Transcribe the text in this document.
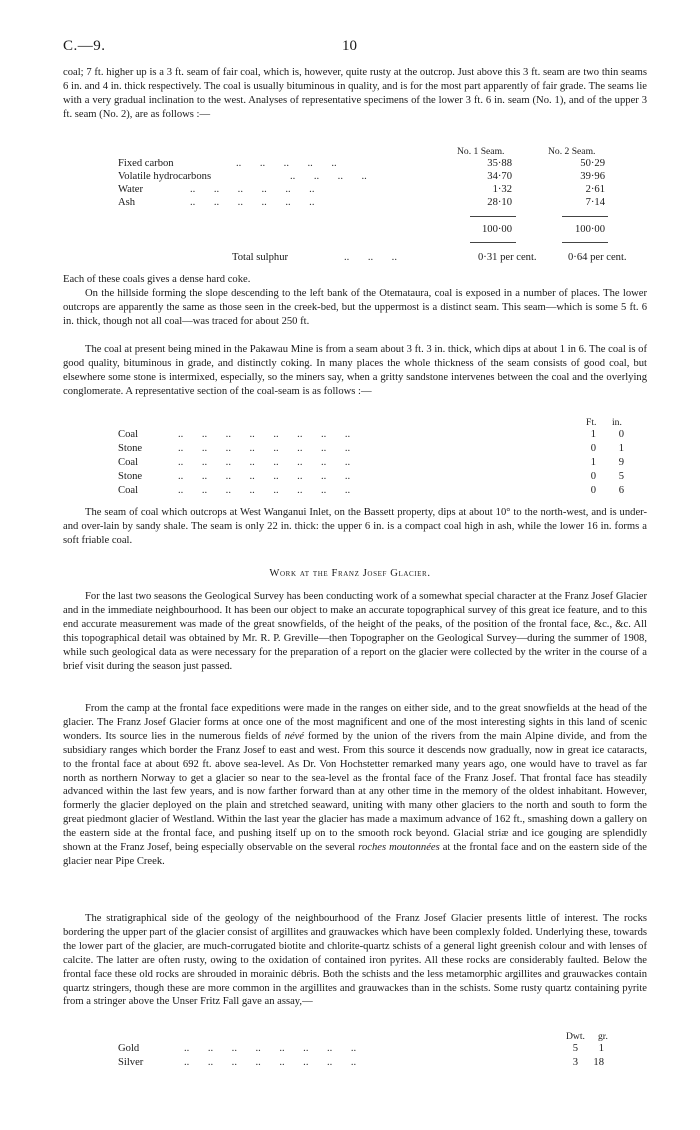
C.—9.	10

coal; 7 ft. higher up is a 3 ft. seam of fair coal, which is, however, quite rusty at the outcrop. Just above this 3 ft. seam are two thin seams 6 in. and 4 in. thick respectively. The coal is usually bituminous in quality, and is for the most part apparently of fair grade. The seams lie with a very gradual inclination to the west. Analyses of representative specimens of the lower 3 ft. 6 in. seam (No. 1), and of the upper 3 ft. seam (No. 2), are as follows :—

No. 1 Seam.	No. 2 Seam.
Fixed carbon	..       ..       ..       ..       ..	35·88	50·29
Volatile hydrocarbons	..       ..       ..       ..	34·70	39·96
Water	..       ..       ..       ..       ..       ..	1·32	2·61
Ash	..       ..       ..       ..       ..       ..	28·10	7·14
100·00	100·00
Total sulphur	..       ..       ..	0·31 per cent.	0·64 per cent.

Each of these coals gives a dense hard coke.

On the hillside forming the slope descending to the left bank of the Otemataura, coal is exposed in a number of places. The lower outcrops are apparently the same as those seen in the creek-bed, but the uppermost is a distinct seam. This seam—which is some 5 ft. 6 in. thick, though not all coal—was traced for about 250 ft.

The coal at present being mined in the Pakawau Mine is from a seam about 3 ft. 3 in. thick, which dips at about 1 in 6. The coal is of good quality, bituminous in grade, and distinctly coking. In many places the whole thickness of the seam consists of good coal, but elsewhere some stone is intermixed, especially, so the miners say, when a gritty sandstone intervenes between the coal and the overlying conglomerate. A representative section of the coal-seam is as follows :—

Ft. in.
Coal	..       ..       ..       ..       ..       ..       ..       ..	1	0
Stone	..       ..       ..       ..       ..       ..       ..       ..	0	1
Coal	..       ..       ..       ..       ..       ..       ..       ..	1	9
Stone	..       ..       ..       ..       ..       ..       ..       ..	0	5
Coal	..       ..       ..       ..       ..       ..       ..       ..	0	6

The seam of coal which outcrops at West Wanganui Inlet, on the Bassett property, dips at about 10° to the north-west, and is under- and over-lain by sandy shale. The seam is only 22 in. thick: the upper 6 in. is a compact coal high in ash, while the lower 16 in. forms a soft friable coal.

Work at the Franz Josef Glacier.

For the last two seasons the Geological Survey has been conducting work of a somewhat special character at the Franz Josef Glacier and in the immediate neighbourhood. It has been our object to make an accurate topographical survey of this great ice feature, and to this end accurate measurement was made of the great snowfields, of the height of the peaks, of the position of the frontal face, &c., &c. All this topographical detail was obtained by Mr. R. P. Greville—then Topographer on the Geological Survey—during the summer of 1908, while such geological data as were necessary for the preparation of a report on the glacier were collected by the writer in the course of a brief visit during the season just passed.

From the camp at the frontal face expeditions were made in the ranges on either side, and to the great snowfields at the head of the glacier. The Franz Josef Glacier forms at once one of the most magnificent and one of the most interesting sights in this land of scenic wonders. Its source lies in the numerous fields of névé formed by the union of the rivers from the main Alpine divide, and from the subsidiary ranges which border the Franz Josef to east and west. From this source it descends now gradually, now in great ice cataracts, to the frontal face at about 692 ft. above sea-level. As Dr. Von Hochstetter remarked many years ago, one would have to travel as far north as northern Norway to get a glacier so near to the sea-level as the frontal face of the Franz Josef. That frontal face has steadily advanced within the last few years, and is now farther forward than at any other time in the memory of the oldest inhabitant. However, formerly the glacier deployed on the plain and stretched seaward, uniting with many other glaciers to the north and south to form the great piedmont glacier of Westland. Within the last year the glacier has made a maximum advance of 162 ft., smashing down a gallery on the eastern side at the frontal face, and pushing itself up on to the smooth rock beyond. Glacial striæ and ice gouging are splendidly shown at the Franz Josef, being especially observable on the several roches moutonnées at the frontal face and on the eastern side of the glacier near Pipe Creek.

The stratigraphical side of the geology of the neighbourhood of the Franz Josef Glacier presents little of interest. The rocks bordering the upper part of the glacier consist of argillites and grauwackes which have been complexly folded. Underlying these, towards the lower part of the glacier, are much-corrugated biotite and chlorite-quartz schists of a general light greenish colour and with lenses of calcite. The latter are often rusty, owing to the oxidation of contained iron pyrites. All these rocks are considerably faulted. Below the frontal face these old rocks are shrouded in morainic débris. Both the schists and the less metamorphic argillites and grauwackes contain quartz stringers, though these are more common in the argillites and grauwackes than in the schists. Some rusty quartz containing pyrite from a stringer above the Unser Fritz Fall gave an assay,—

Dwt. gr.
Gold	..       ..       ..       ..       ..       ..       ..       ..	5	1
Silver	..       ..       ..       ..       ..       ..       ..       ..	3	18
